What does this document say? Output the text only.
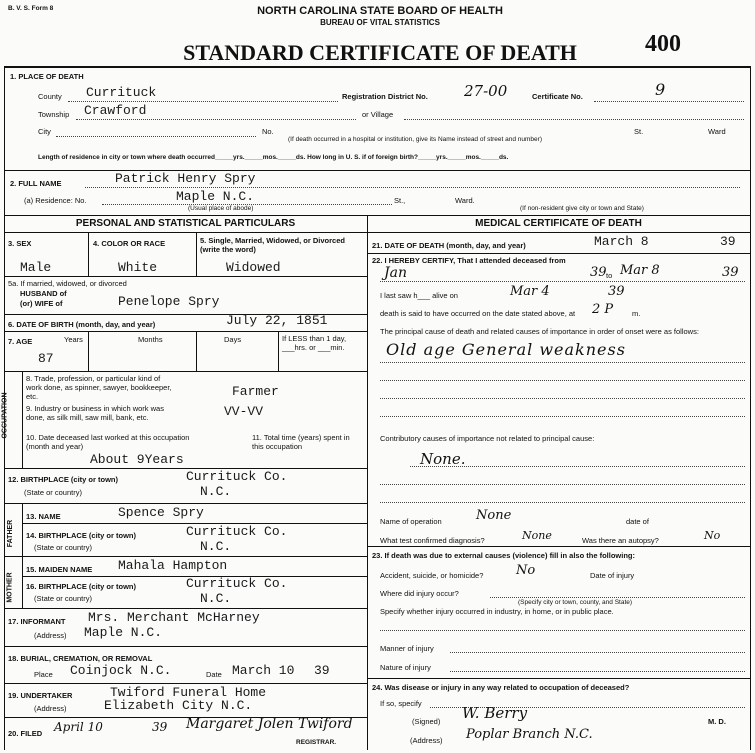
B. V. S. Form 8	NORTH CAROLINA STATE BOARD OF HEALTH
BUREAU OF VITAL STATISTICS
STANDARD CERTIFICATE OF DEATH	400
1. PLACE OF DEATH
County Currituck	Registration District No. 27-00	Certificate No.	9
Township Crawford	or Village
City	No.	St.	Ward
(If death occurred in a hospital or institution, give its Name instead of street and number)
Length of residence in city or town where death occurred_____yrs._____mos._____ds. How long in U. S. if of foreign birth?_____yrs._____mos._____ds.
2. FULL NAME	Patrick Henry Spry
(a) Residence: No.	Maple N.C.	St.,	Ward.
(Usual place of abode)	(If non-resident give city or town and State)
PERSONAL AND STATISTICAL PARTICULARS	MEDICAL CERTIFICATE OF DEATH
3. SEX	4. COLOR OR RACE	5. Single, Married, Widowed, or Divorced (write the word)
Male	White	Widowed
5a. If married, widowed, or divorced
HUSBAND of
(or) WIFE of	Penelope Spry
6. DATE OF BIRTH (month, day, and year)	July 22, 1851
7. AGE	Years	Months	Days	If LESS than 1 day, ___hrs. or ___min.
87
OCCUPATION
8. Trade, profession, or particular kind of work done, as spinner, sawyer, bookkeeper, etc.	Farmer
9. Industry or business in which work was done, as silk mill, saw mill, bank, etc.	VV-VV
10. Date deceased last worked at this occupation (month and year)
About 9Years
11. Total time (years) spent in this occupation
12. BIRTHPLACE (city or town)
(State or country)
Currituck Co.
N.C.
FATHER
13. NAME	Spence Spry
14. BIRTHPLACE (city or town)
(State or country)
Currituck Co.
N.C.
MOTHER
15. MAIDEN NAME Mahala Hampton
16. BIRTHPLACE (city or town)
(State or country)
Currituck Co.
N.C.
17. INFORMANT Mrs. Merchant McHarney
(Address) Maple N.C.
18. BURIAL, CREMATION, OR REMOVAL
Place Coinjock N.C.	Date March 10 39
19. UNDERTAKER	Twiford Funeral Home
(Address)	Elizabeth City N.C.
20. FILED April 10	39 Margaret Jolen Twiford
REGISTRAR.
21. DATE OF DEATH (month, day, and year)	March 8	39
22. I HEREBY CERTIFY, That I attended deceased from
Jan	39 to Mar 8	39
I last saw h___ alive on	Mar 4	39
death is said to have occurred on the date stated above, at 2 P	m.
The principal cause of death and related causes of importance in order of onset were as follows:
Old age General weakness
Contributory causes of importance not related to principal cause:
None.
Name of operation	None	date of
What test confirmed diagnosis?	None	Was there an autopsy?	No
23. If death was due to external causes (violence) fill in also the following:
Accident, suicide, or homicide?	No	Date of injury
Where did injury occur?
(Specify city or town, county, and State)
Specify whether injury occurred in industry, in home, or in public place.
Manner of injury
Nature of injury
24. Was disease or injury in any way related to occupation of deceased?
If so, specify
(Signed) W. Berry	M. D.
(Address) Poplar Branch N.C.
